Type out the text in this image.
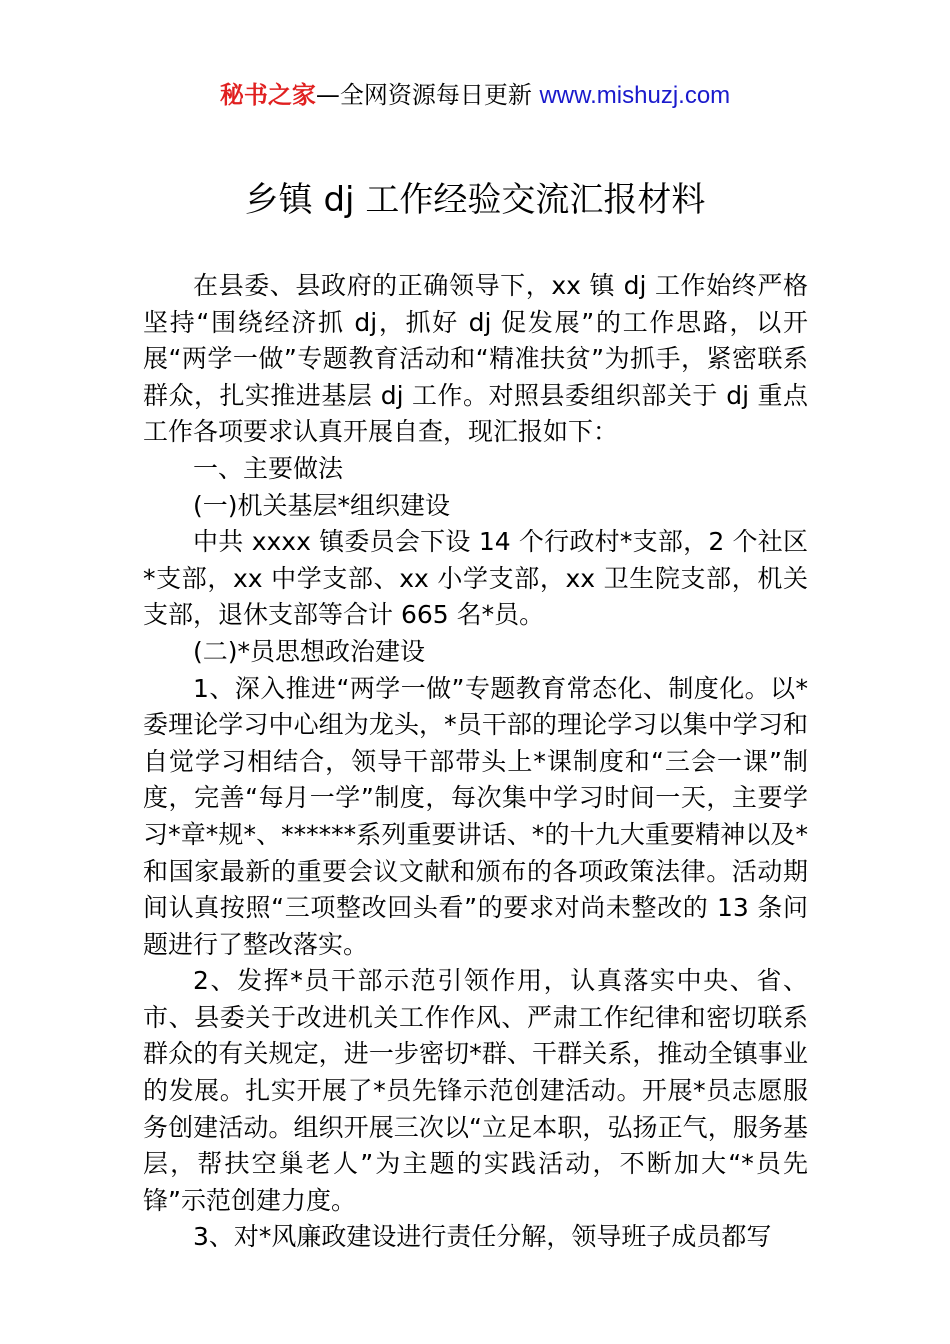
秘书之家—全网资源每日更新 www.mishuzj.com
乡镇 dj 工作经验交流汇报材料

在县委、县政府的正确领导下，xx 镇 dj 工作始终严格坚持“围绕经济抓 dj，抓好 dj 促发展”的工作思路，以开展“两学一做”专题教育活动和“精准扶贫”为抓手，紧密联系群众，扎实推进基层 dj 工作。对照县委组织部关于 dj 重点工作各项要求认真开展自查，现汇报如下：

一、主要做法

(一)机关基层*组织建设

中共 xxxx 镇委员会下设 14 个行政村*支部，2 个社区*支部，xx 中学支部、xx 小学支部，xx 卫生院支部，机关支部，退休支部等合计 665 名*员。

(二)*员思想政治建设

1、深入推进“两学一做”专题教育常态化、制度化。以*委理论学习中心组为龙头，*员干部的理论学习以集中学习和自觉学习相结合，领导干部带头上*课制度和“三会一课”制度，完善“每月一学”制度，每次集中学习时间一天，主要学习*章*规*、******系列重要讲话、*的十九大重要精神以及*和国家最新的重要会议文献和颁布的各项政策法律。活动期间认真按照“三项整改回头看”的要求对尚未整改的 13 条问题进行了整改落实。

2、发挥*员干部示范引领作用，认真落实中央、省、市、县委关于改进机关工作作风、严肃工作纪律和密切联系群众的有关规定，进一步密切*群、干群关系，推动全镇事业的发展。扎实开展了*员先锋示范创建活动。开展*员志愿服务创建活动。组织开展三次以“立足本职，弘扬正气，服务基层，帮扶空巢老人”为主题的实践活动，不断加大“*员先锋”示范创建力度。

3、对*风廉政建设进行责任分解，领导班子成员都写
